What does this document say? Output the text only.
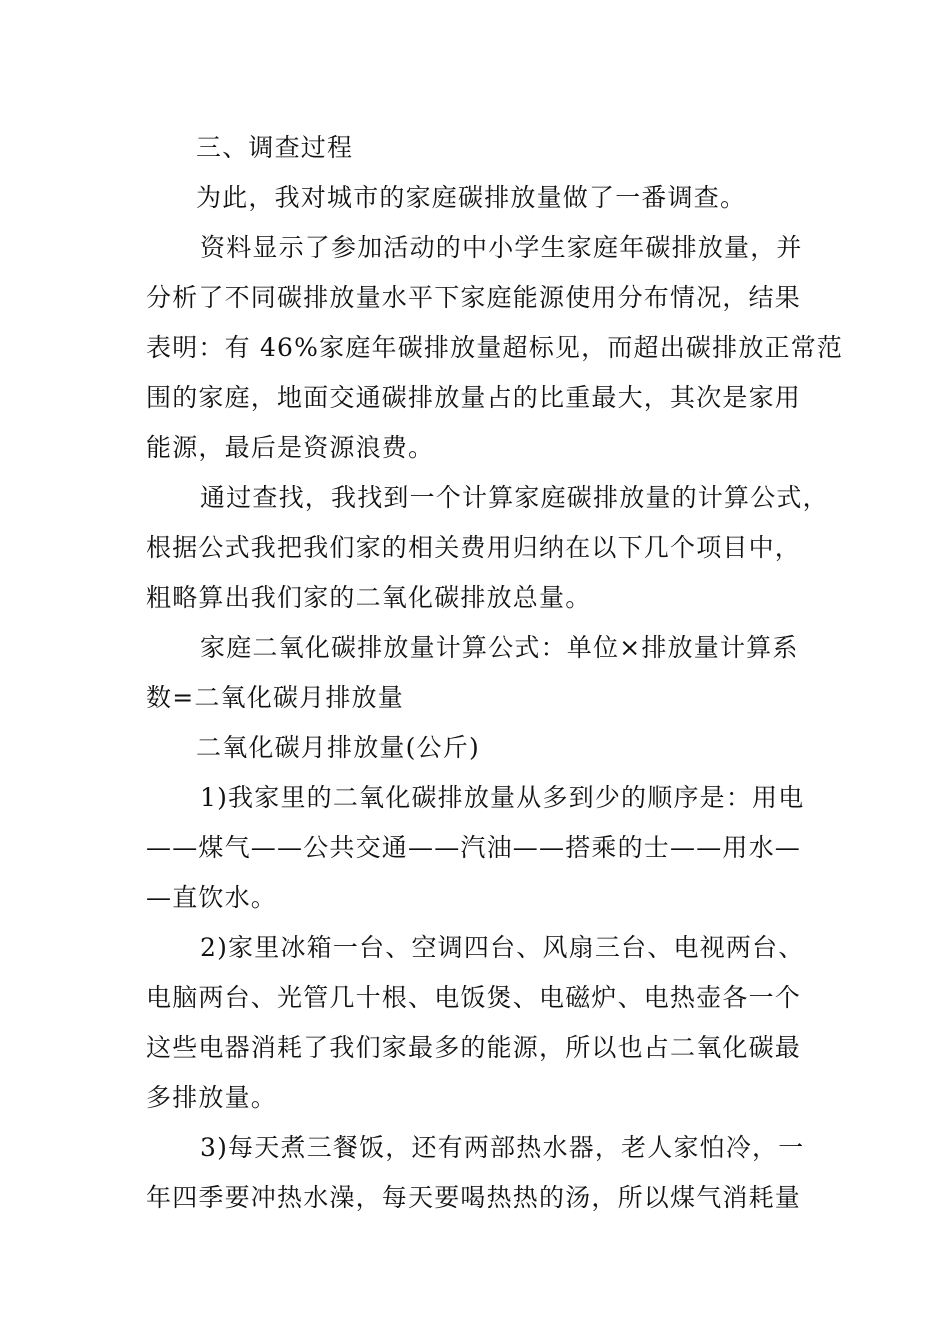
三、调查过程
为此，我对城市的家庭碳排放量做了一番调查。
资料显示了参加活动的中小学生家庭年碳排放量，并
分析了不同碳排放量水平下家庭能源使用分布情况，结果
表明：有 46%家庭年碳排放量超标见，而超出碳排放正常范
围的家庭，地面交通碳排放量占的比重最大，其次是家用
能源，最后是资源浪费。
通过查找，我找到一个计算家庭碳排放量的计算公式，
根据公式我把我们家的相关费用归纳在以下几个项目中，
粗略算出我们家的二氧化碳排放总量。
家庭二氧化碳排放量计算公式：单位×排放量计算系
数=二氧化碳月排放量
二氧化碳月排放量(公斤)
1)我家里的二氧化碳排放量从多到少的顺序是：用电
——煤气——公共交通——汽油——搭乘的士——用水—
—直饮水。
2)家里冰箱一台、空调四台、风扇三台、电视两台、
电脑两台、光管几十根、电饭煲、电磁炉、电热壶各一个
这些电器消耗了我们家最多的能源，所以也占二氧化碳最
多排放量。
3)每天煮三餐饭，还有两部热水器，老人家怕冷，一
年四季要冲热水澡，每天要喝热热的汤，所以煤气消耗量
